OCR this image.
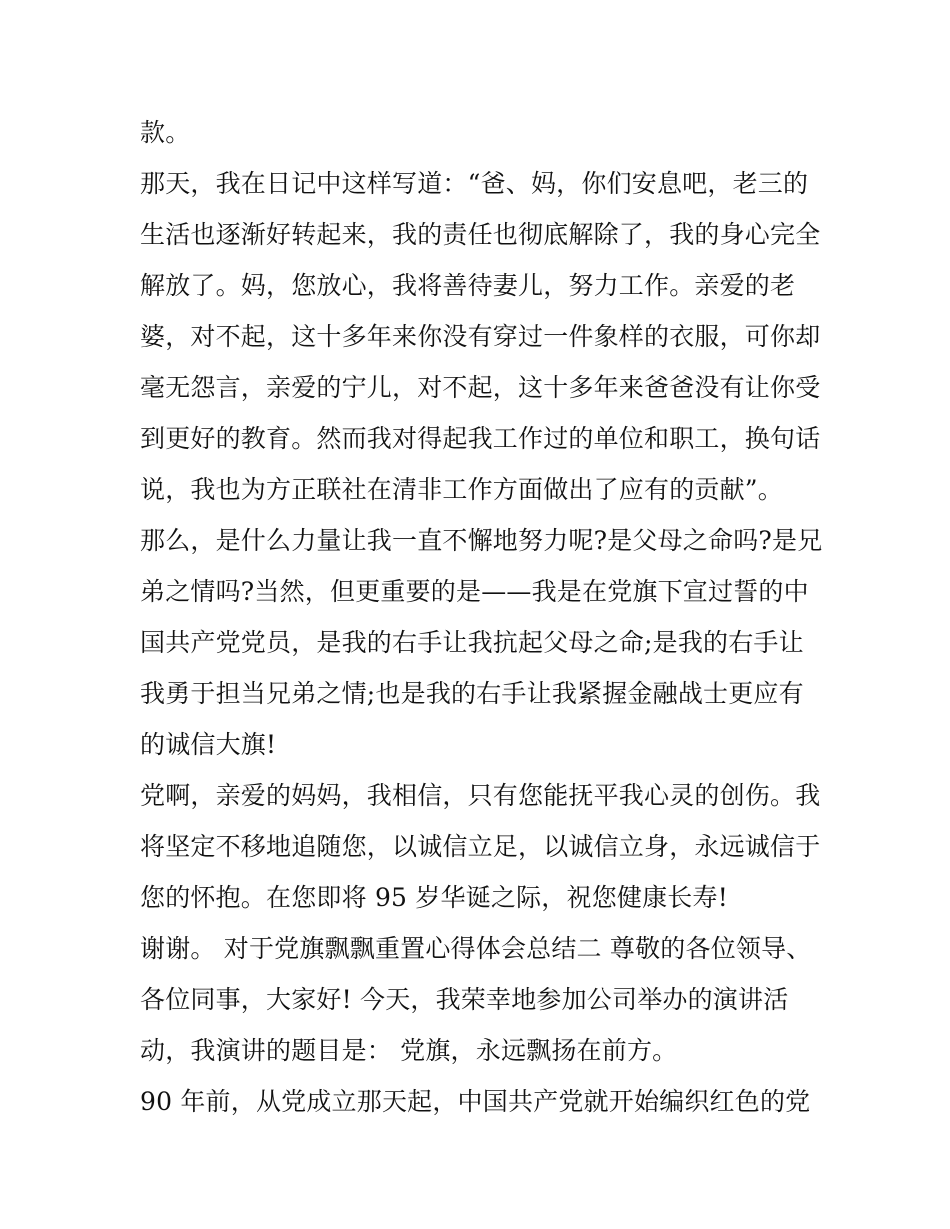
款。
那天，我在日记中这样写道：“爸、妈，你们安息吧，老三的
生活也逐渐好转起来，我的责任也彻底解除了，我的身心完全
解放了。妈，您放心，我将善待妻儿，努力工作。亲爱的老
婆，对不起，这十多年来你没有穿过一件象样的衣服，可你却
毫无怨言，亲爱的宁儿，对不起，这十多年来爸爸没有让你受
到更好的教育。然而我对得起我工作过的单位和职工，换句话
说，我也为方正联社在清非工作方面做出了应有的贡献”。
那么，是什么力量让我一直不懈地努力呢?是父母之命吗?是兄
弟之情吗?当然，但更重要的是——我是在党旗下宣过誓的中
国共产党党员，是我的右手让我抗起父母之命;是我的右手让
我勇于担当兄弟之情;也是我的右手让我紧握金融战士更应有
的诚信大旗!
党啊，亲爱的妈妈，我相信，只有您能抚平我心灵的创伤。我
将坚定不移地追随您，以诚信立足，以诚信立身，永远诚信于
您的怀抱。在您即将 95 岁华诞之际，祝您健康长寿!
谢谢。 对于党旗飘飘重置心得体会总结二 尊敬的各位领导、
各位同事，大家好! 今天，我荣幸地参加公司举办的演讲活
动，我演讲的题目是： 党旗，永远飘扬在前方。
90 年前，从党成立那天起，中国共产党就开始编织红色的党
